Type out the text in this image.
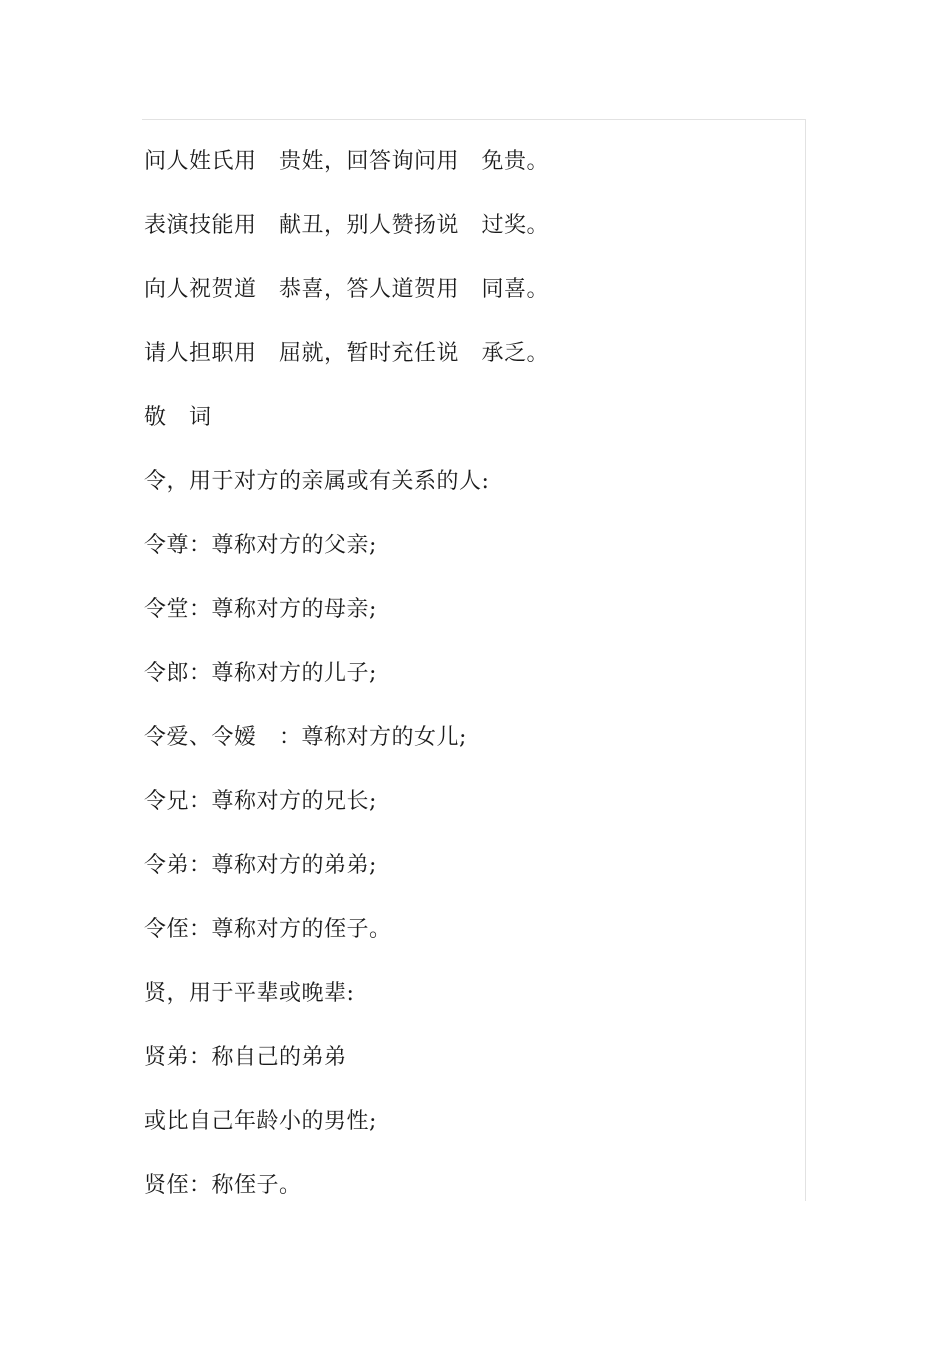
问人姓氏用　贵姓，回答询问用　免贵。
表演技能用　献丑，别人赞扬说　过奖。
向人祝贺道　恭喜，答人道贺用　同喜。
请人担职用　屈就，暂时充任说　承乏。
敬　词
令，用于对方的亲属或有关系的人:
令尊：尊称对方的父亲;
令堂：尊称对方的母亲;
令郎：尊称对方的儿子;
令爱、令嫒　：尊称对方的女儿;
令兄：尊称对方的兄长;
令弟：尊称对方的弟弟;
令侄：尊称对方的侄子。
贤，用于平辈或晚辈:
贤弟：称自己的弟弟
或比自己年龄小的男性;
贤侄：称侄子。
